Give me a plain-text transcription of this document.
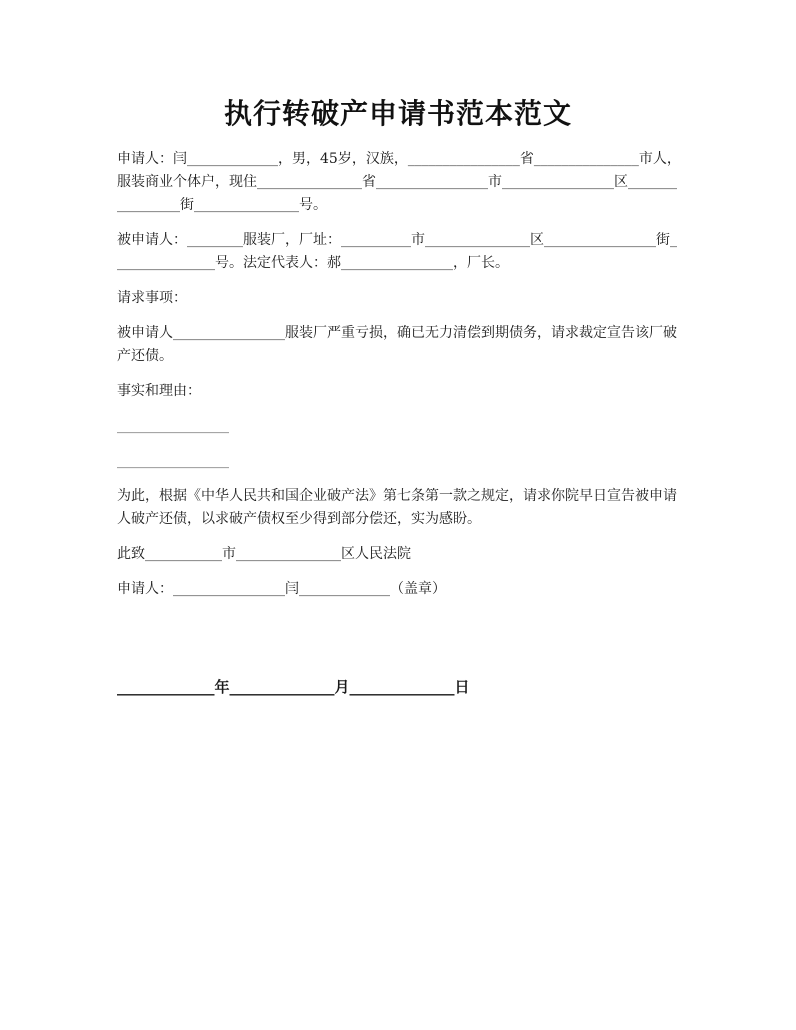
执行转破产申请书范本范文

申请人：闫_____________，男，45岁，汉族，________________省_______________市人，服装商业个体户，现住_______________省________________市________________区________________街_______________号。

被申请人：________服装厂，厂址：__________市_______________区________________街_______________号。法定代表人：郝________________，厂长。

请求事项：

被申请人________________服装厂严重亏损，确已无力清偿到期债务，请求裁定宣告该厂破产还债。

事实和理由：

________________
________________

为此，根据《中华人民共和国企业破产法》第七条第一款之规定，请求你院早日宣告被申请人破产还债，以求破产债权至少得到部分偿还，实为感盼。

此致___________市_______________区人民法院

申请人：________________闫_____________（盖章）

_____________年______________月______________日
